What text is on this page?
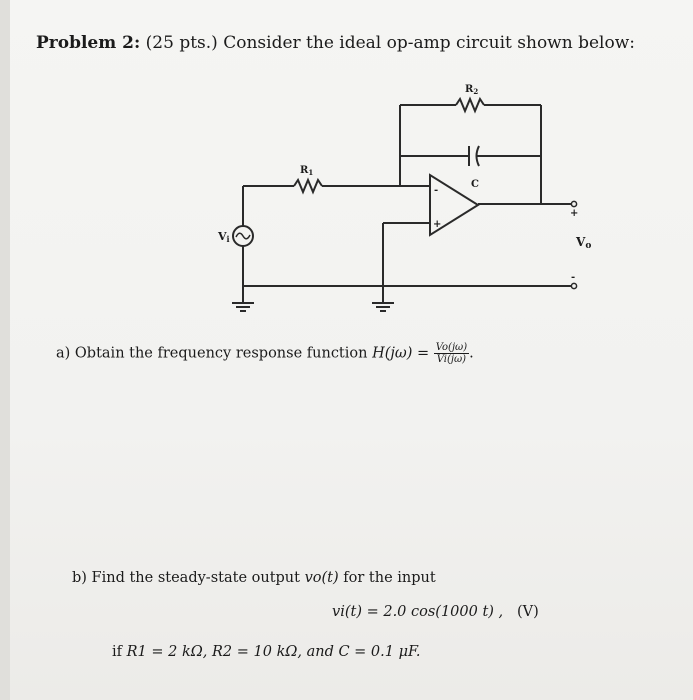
Problem 2: (25 pts.) Consider the ideal op-amp circuit shown below:
$R_1$
$R_2$
C
Vi	Vo
-
+
+
-
a) Obtain the frequency response function $H(j\omega) = \frac{Vo(j\omega)}{Vi(j\omega)}$ .
b) Find the steady-state output vo(t) for the input
vi(t) = 2.0 cos(1000 t) , (V)
if R1 = 2 kΩ, R2 = 10 kΩ, and C = 0.1 μF.
